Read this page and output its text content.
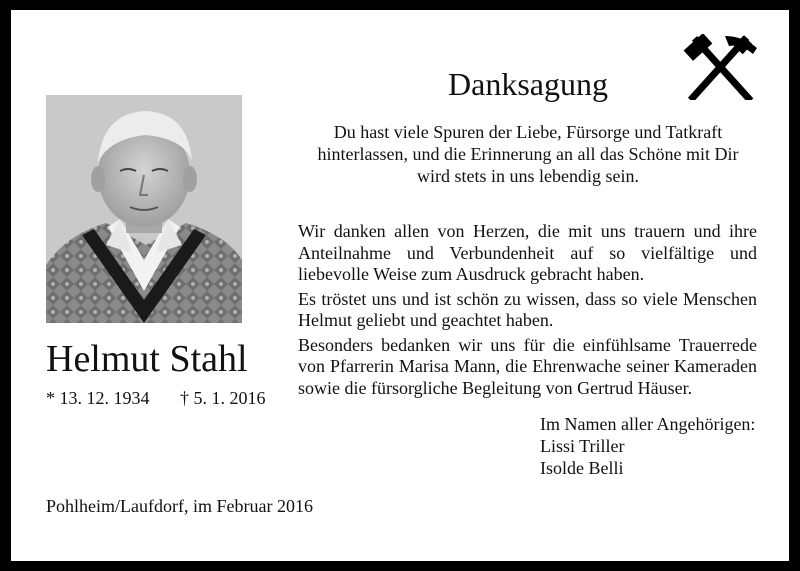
Helmut Stahl
* 13. 12. 1934 † 5. 1. 2016
Pohlheim/Laufdorf, im Februar 2016
Danksagung
Du hast viele Spuren der Liebe, Fürsorge und Tatkraft
hinterlassen, und die Erinnerung an all das Schöne mit Dir
wird stets in uns lebendig sein.

Wir danken allen von Herzen, die mit uns trauern und ihre Anteilnahme und Verbundenheit auf so vielfältige und liebevolle Weise zum Ausdruck gebracht haben.

Es tröstet uns und ist schön zu wissen, dass so viele Menschen Helmut geliebt und geachtet haben.

Besonders bedanken wir uns für die einfühlsame Trauerrede von Pfarrerin Marisa Mann, die Ehrenwache seiner Kameraden sowie die fürsorgliche Begleitung von Gertrud Häuser.

Im Namen aller Angehörigen:
Lissi Triller
Isolde Belli
